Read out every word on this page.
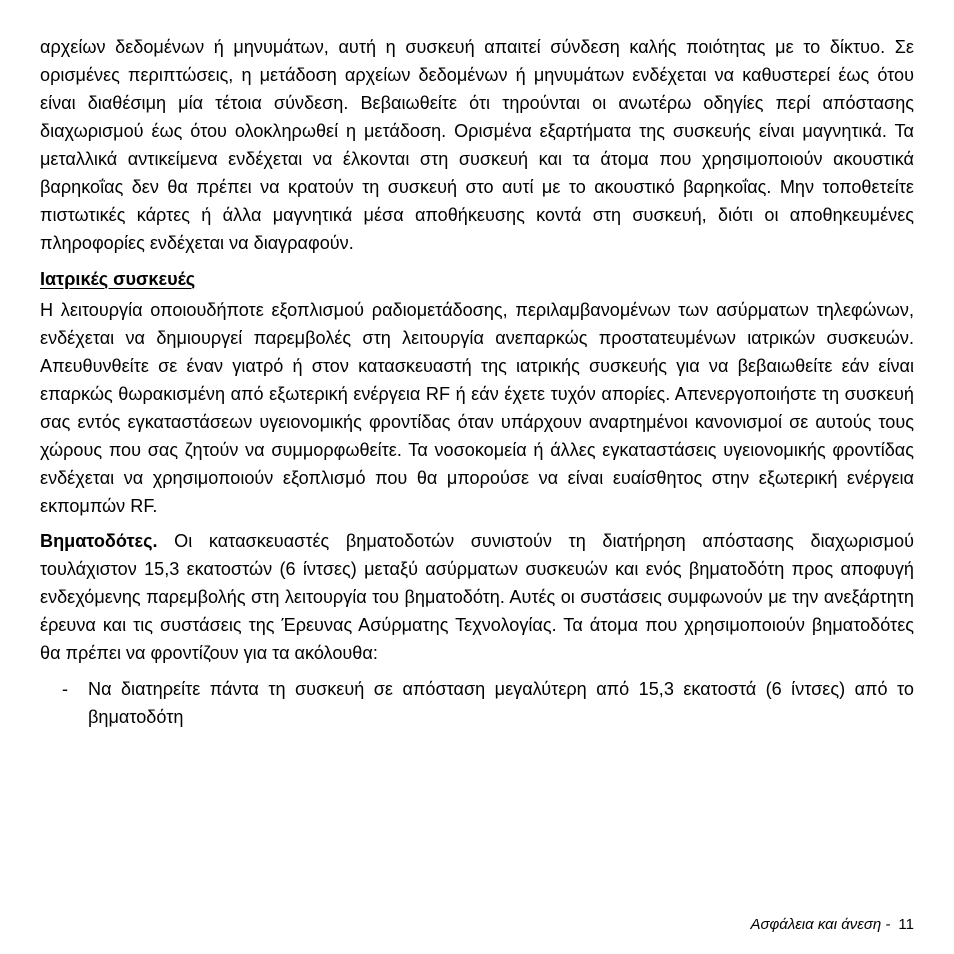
αρχείων δεδομένων ή μηνυμάτων, αυτή η συσκευή απαιτεί σύνδεση καλής ποιότητας με το δίκτυο. Σε ορισμένες περιπτώσεις, η μετάδοση αρχείων δεδομένων ή μηνυμάτων ενδέχεται να καθυστερεί έως ότου είναι διαθέσιμη μία τέτοια σύνδεση. Βεβαιωθείτε ότι τηρούνται οι ανωτέρω οδηγίες περί απόστασης διαχωρισμού έως ότου ολοκληρωθεί η μετάδοση. Ορισμένα εξαρτήματα της συσκευής είναι μαγνητικά. Τα μεταλλικά αντικείμενα ενδέχεται να έλκονται στη συσκευή και τα άτομα που χρησιμοποιούν ακουστικά βαρηκοΐας δεν θα πρέπει να κρατούν τη συσκευή στο αυτί με το ακουστικό βαρηκοΐας. Μην τοποθετείτε πιστωτικές κάρτες ή άλλα μαγνητικά μέσα αποθήκευσης κοντά στη συσκευή, διότι οι αποθηκευμένες πληροφορίες ενδέχεται να διαγραφούν.

Ιατρικές συσκευές

Η λειτουργία οποιουδήποτε εξοπλισμού ραδιομετάδοσης, περιλαμβανομένων των ασύρματων τηλεφώνων, ενδέχεται να δημιουργεί παρεμβολές στη λειτουργία ανεπαρκώς προστατευμένων ιατρικών συσκευών. Απευθυνθείτε σε έναν γιατρό ή στον κατασκευαστή της ιατρικής συσκευής για να βεβαιωθείτε εάν είναι επαρκώς θωρακισμένη από εξωτερική ενέργεια RF ή εάν έχετε τυχόν απορίες. Απενεργοποιήστε τη συσκευή σας εντός εγκαταστάσεων υγειονομικής φροντίδας όταν υπάρχουν αναρτημένοι κανονισμοί σε αυτούς τους χώρους που σας ζητούν να συμμορφωθείτε. Τα νοσοκομεία ή άλλες εγκαταστάσεις υγειονομικής φροντίδας ενδέχεται να χρησιμοποιούν εξοπλισμό που θα μπορούσε να είναι ευαίσθητος στην εξωτερική ενέργεια εκπομπών RF.

Βηματοδότες. Οι κατασκευαστές βηματοδοτών συνιστούν τη διατήρηση απόστασης διαχωρισμού τουλάχιστον 15,3 εκατοστών (6 ίντσες) μεταξύ ασύρματων συσκευών και ενός βηματοδότη προς αποφυγή ενδεχόμενης παρεμβολής στη λειτουργία του βηματοδότη. Αυτές οι συστάσεις συμφωνούν με την ανεξάρτητη έρευνα και τις συστάσεις της Έρευνας Ασύρματης Τεχνολογίας. Τα άτομα που χρησιμοποιούν βηματοδότες θα πρέπει να φροντίζουν για τα ακόλουθα:

-	Να διατηρείτε πάντα τη συσκευή σε απόσταση μεγαλύτερη από 15,3 εκατοστά (6 ίντσες) από το βηματοδότη
Ασφάλεια και άνεση - 11
